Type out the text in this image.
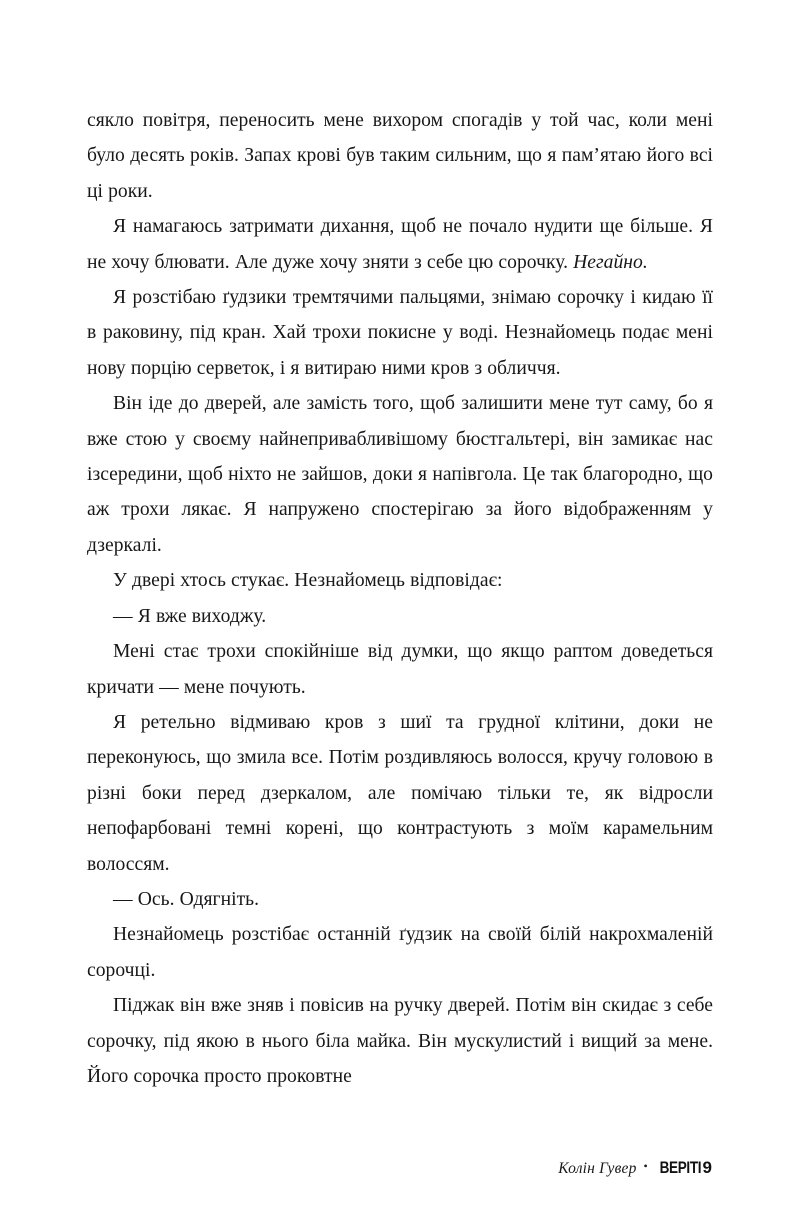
сякло повітря, переносить мене вихором спогадів у той час, коли мені було десять років. Запах крові був таким сильним, що я пам’ятаю його всі ці роки.

Я намагаюсь затримати дихання, щоб не почало нудити ще більше. Я не хочу блювати. Але дуже хочу зняти з себе цю сорочку. Негайно.

Я розстібаю ґудзики тремтячими пальцями, знімаю сорочку і кидаю її в раковину, під кран. Хай трохи покисне у воді. Незнайомець подає мені нову порцію серветок, і я витираю ними кров з обличчя.

Він іде до дверей, але замість того, щоб залишити мене тут саму, бо я вже стою у своєму найнепривабливішому бюстгальтері, він замикає нас ізсередини, щоб ніхто не зайшов, доки я напівгола. Це так благородно, що аж трохи лякає. Я напружено спостерігаю за його відображенням у дзеркалі.

У двері хтось стукає. Незнайомець відповідає:

— Я вже виходжу.

Мені стає трохи спокійніше від думки, що якщо раптом доведеться кричати — мене почують.

Я ретельно відмиваю кров з шиї та грудної клітини, доки не переконуюсь, що змила все. Потім роздивляюсь волосся, кручу головою в різні боки перед дзеркалом, але помічаю тільки те, як відросли непофарбовані темні корені, що контрастують з моїм карамельним волоссям.

— Ось. Одягніть.

Незнайомець розстібає останній ґудзик на своїй білій накрохмаленій сорочці.

Піджак він вже зняв і повісив на ручку дверей. Потім він скидає з себе сорочку, під якою в нього біла майка. Він мускулистий і вищий за мене. Його сорочка просто проковтне

Колін Гувер • ВЕРІТІ 9
